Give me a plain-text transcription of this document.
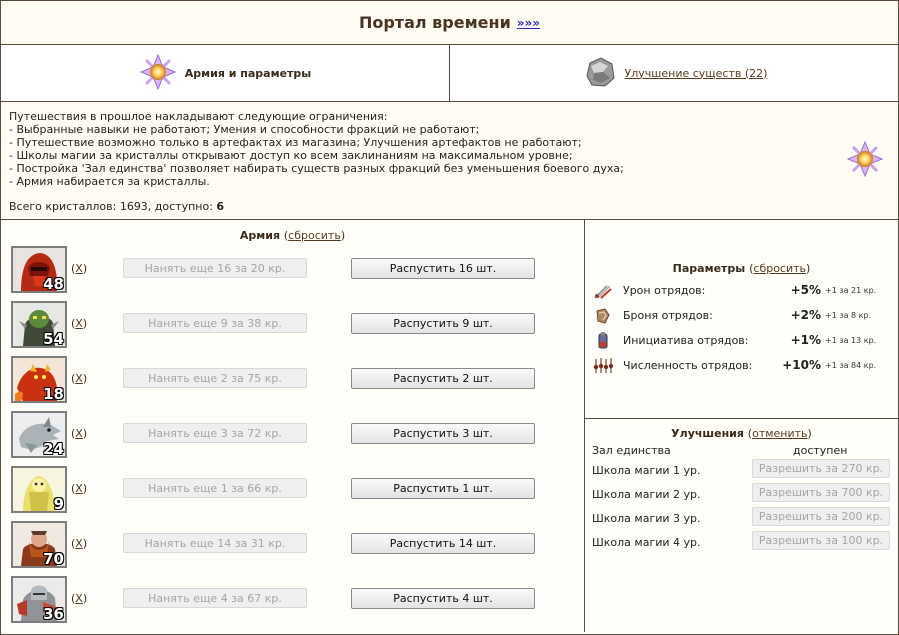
Портал времени »»»
Армия и параметры	Улучшение существ (22)

Путешествия в прошлое накладывают следующие ограничения:

- Выбранные навыки не работают; Умения и способности фракций не работают;

- Путешествие возможно только в артефактах из магазина; Улучшения артефактов не работают;

- Школы магии за кристаллы открывают доступ ко всем заклинаниям на максимальном уровне;

- Постройка 'Зал единства' позволяет набирать существ разных фракций без уменьшения боевого духа;

- Армия набирается за кристаллы.

Всего кристаллов: 1693, доступно: 6

Армия (сбросить)
48
(X)	Нанять еще 16 за 20 кр.	Распустить 16 шт.
54
(X)	Нанять еще 9 за 38 кр.	Распустить 9 шт.
18
(X)	Нанять еще 2 за 75 кр.	Распустить 2 шт.
24
(X)	Нанять еще 3 за 72 кр.	Распустить 3 шт.
9
(X)	Нанять еще 1 за 66 кр.	Распустить 1 шт.
70
(X)	Нанять еще 14 за 31 кр.	Распустить 14 шт.
36
(X)	Нанять еще 4 за 67 кр.	Распустить 4 шт.
Параметры (сбросить)
Урон отрядов:	+5% +1 за 21 кр.
Броня отрядов:	+2% +1 за 8 кр.
Инициатива отрядов:	+1% +1 за 13 кр.
Численность отрядов: +10% +1 за 84 кр.
Улучшения (отменить)
Зал единства	доступен
Школа магии 1 ур.	Разрешить за 270 кр.
Школа магии 2 ур.	Разрешить за 700 кр.
Школа магии 3 ур.	Разрешить за 200 кр.
Школа магии 4 ур.	Разрешить за 100 кр.
